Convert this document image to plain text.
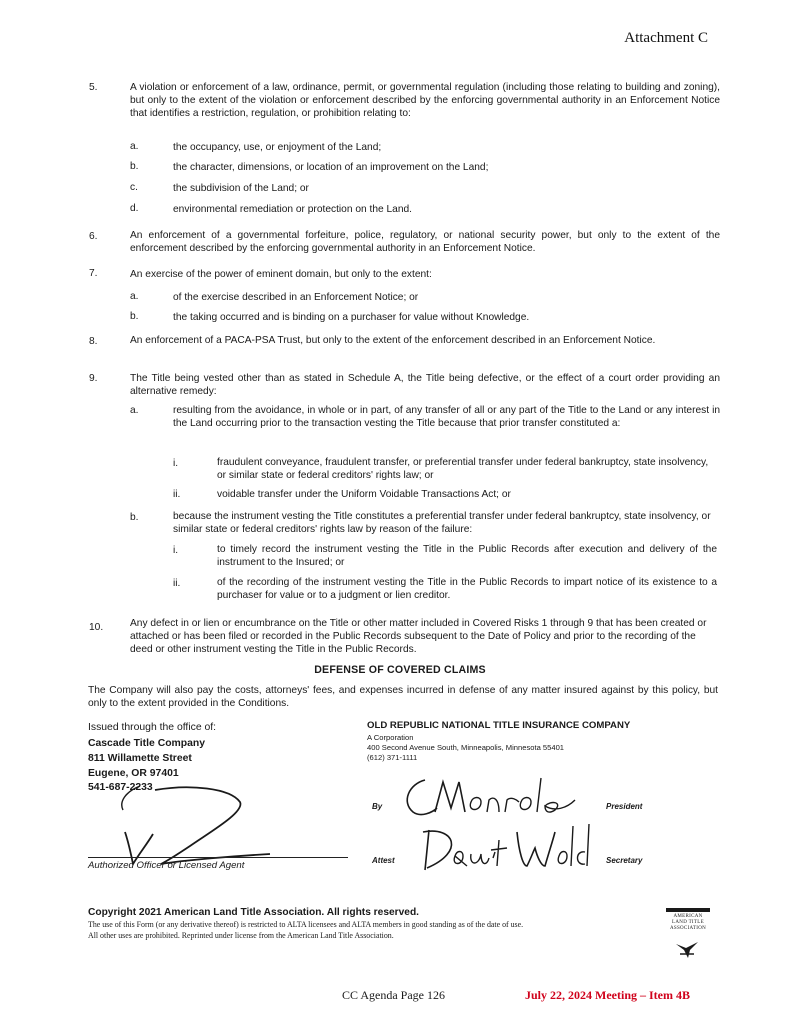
Attachment C
5.	A violation or enforcement of a law, ordinance, permit, or governmental regulation (including those relating to building and zoning), but only to the extent of the violation or enforcement described by the enforcing governmental authority in an Enforcement Notice that identifies a restriction, regulation, or prohibition relating to:
a.	the occupancy, use, or enjoyment of the Land;
b.	the character, dimensions, or location of an improvement on the Land;
c.	the subdivision of the Land; or
d.	environmental remediation or protection on the Land.
6.	An enforcement of a governmental forfeiture, police, regulatory, or national security power, but only to the extent of the enforcement described by the enforcing governmental authority in an Enforcement Notice.
7.	An exercise of the power of eminent domain, but only to the extent:
a.	of the exercise described in an Enforcement Notice; or
b.	the taking occurred and is binding on a purchaser for value without Knowledge.
8.	An enforcement of a PACA-PSA Trust, but only to the extent of the enforcement described in an Enforcement Notice.
9.	The Title being vested other than as stated in Schedule A, the Title being defective, or the effect of a court order providing an alternative remedy:
a.	resulting from the avoidance, in whole or in part, of any transfer of all or any part of the Title to the Land or any interest in the Land occurring prior to the transaction vesting the Title because that prior transfer constituted a:
i.	fraudulent conveyance, fraudulent transfer, or preferential transfer under federal bankruptcy, state insolvency, or similar state or federal creditors' rights law; or
ii.	voidable transfer under the Uniform Voidable Transactions Act; or
b.	because the instrument vesting the Title constitutes a preferential transfer under federal bankruptcy, state insolvency, or similar state or federal creditors' rights law by reason of the failure:
i.	to timely record the instrument vesting the Title in the Public Records after execution and delivery of the instrument to the Insured; or
ii.	of the recording of the instrument vesting the Title in the Public Records to impart notice of its existence to a purchaser for value or to a judgment or lien creditor.
10.	Any defect in or lien or encumbrance on the Title or other matter included in Covered Risks 1 through 9 that has been created or attached or has been filed or recorded in the Public Records subsequent to the Date of Policy and prior to the recording of the deed or other instrument vesting the Title in the Public Records.
DEFENSE OF COVERED CLAIMS
The Company will also pay the costs, attorneys' fees, and expenses incurred in defense of any matter insured against by this policy, but only to the extent provided in the Conditions.
Issued through the office of:
Cascade Title Company
811 Willamette Street
Eugene, OR 97401
541-687-2233
Authorized Officer or Licensed Agent
OLD REPUBLIC NATIONAL TITLE INSURANCE COMPANY
A Corporation
400 Second Avenue South, Minneapolis, Minnesota 55401
(612) 371-1111
By	President
Attest	Secretary
Copyright 2021 American Land Title Association. All rights reserved.
The use of this Form (or any derivative thereof) is restricted to ALTA licensees and ALTA members in good standing as of the date of use.
All other uses are prohibited. Reprinted under license from the American Land Title Association.
AMERICAN
LAND TITLE
ASSOCIATION
CC Agenda Page 126	July 22, 2024 Meeting – Item 4B
